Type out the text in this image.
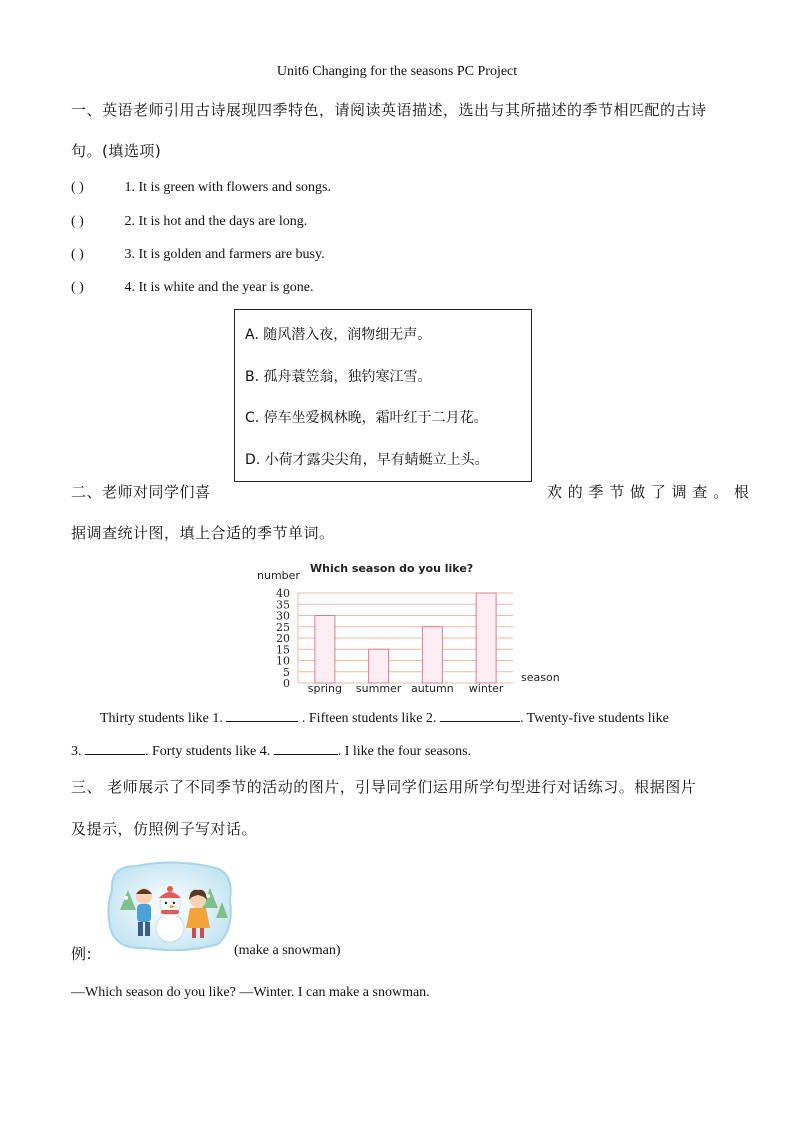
Unit6 Changing for the seasons PC Project
一、英语老师引用古诗展现四季特色，请阅读英语描述，选出与其所描述的季节相匹配的古诗
句。(填选项)
( )	1. It is green with flowers and songs.
( )	2. It is hot and the days are long.
( )	3. It is golden and farmers are busy.
( )	4. It is white and the year is gone.
A. 随风潜入夜，润物细无声。
B. 孤舟蓑笠翁，独钓寒江雪。
C. 停车坐爱枫林晚，霜叶红于二月花。
D. 小荷才露尖尖角，早有蜻蜓立上头。
二、老师对同学们喜	欢 的 季 节 做 了 调 查 。 根
据调查统计图，填上合适的季节单词。
number
Which season do you like?
season
0
5
10
15
20
25
30
35
40
spring summer autumn winter
Thirty students like 1.	. Fifteen students like 2.	. Twenty-five students like
3.	. Forty students like 4.	. I like the four seasons.
三、 老师展示了不同季节的活动的图片，引导同学们运用所学句型进行对话练习。根据图片
及提示，仿照例子写对话。
例:	(make a snowman)
—Which season do you like? —Winter. I can make a snowman.
